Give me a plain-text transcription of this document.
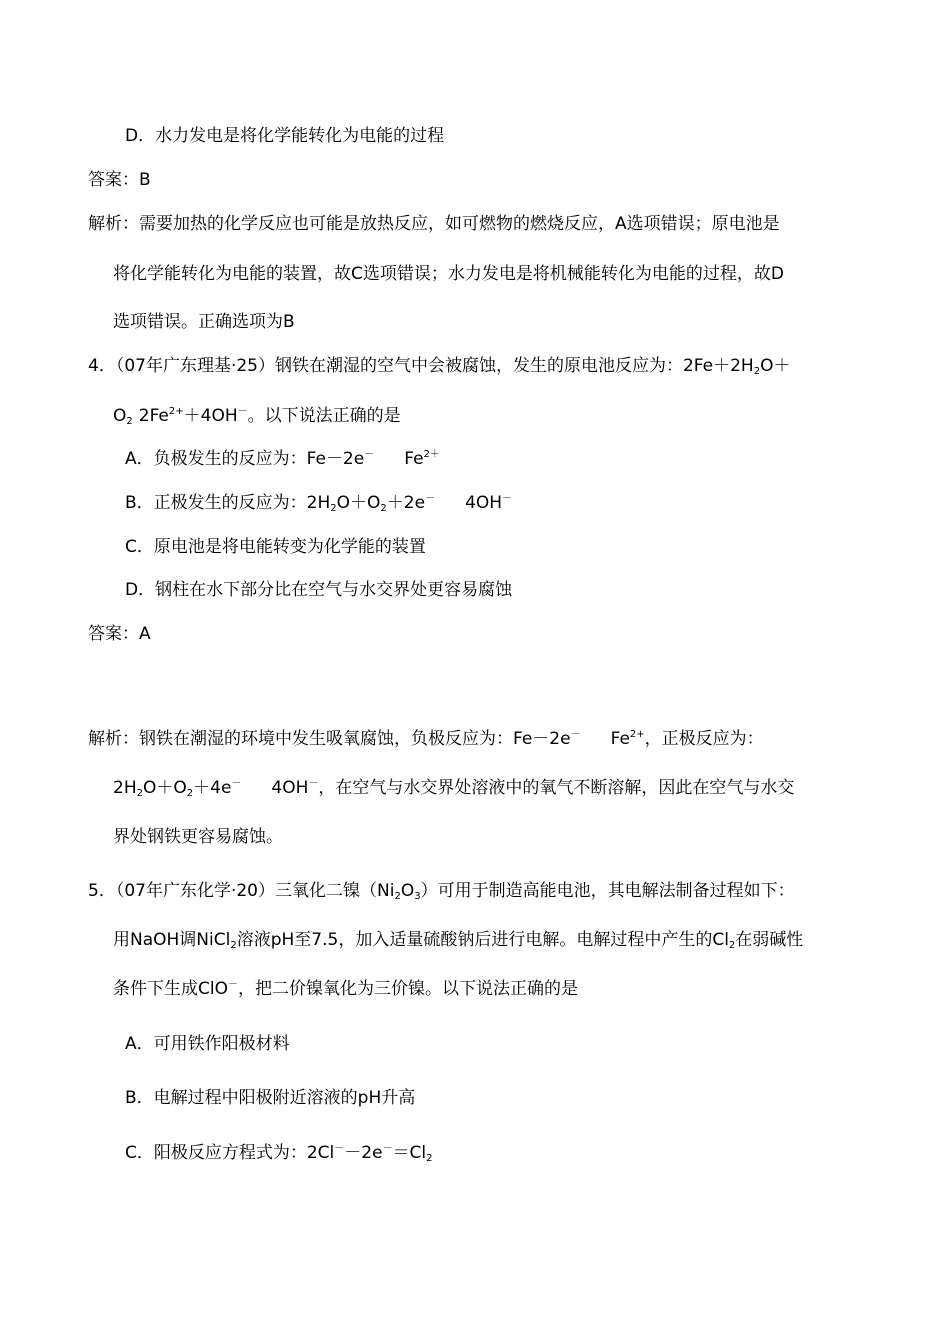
D．水力发电是将化学能转化为电能的过程
答案：B
解析：需要加热的化学反应也可能是放热反应，如可燃物的燃烧反应，A选项错误；原电池是
将化学能转化为电能的装置，故C选项错误；水力发电是将机械能转化为电能的过程，故D
选项错误。正确选项为B
4．（07年广东理基·25）钢铁在潮湿的空气中会被腐蚀，发生的原电池反应为：$2Fe+2H_2O+$
$O_2$ $2Fe^{2+}+4OH^-$。以下说法正确的是
A．负极发生的反应为：Fe－2e－ $Fe^{2+}$
B．正极发生的反应为：$2H_2O+O_2+2e^-$ 4OH－
C．原电池是将电能转变为化学能的装置
D．钢柱在水下部分比在空气与水交界处更容易腐蚀
答案：A
解析：钢铁在潮湿的环境中发生吸氧腐蚀，负极反应为：Fe－2e－ $Fe^{2+}$，正极反应为：
$2H_2O+O_2+4e^-$ 4OH－，在空气与水交界处溶液中的氧气不断溶解，因此在空气与水交
界处钢铁更容易腐蚀。
5．（07年广东化学·20）三氧化二镍$(Ni_2O_3)$可用于制造高能电池，其电解法制备过程如下：
用NaOH调NiCl$_2$溶液pH至7.5，加入适量硫酸钠后进行电解。电解过程中产生的$Cl_2$在弱碱性
条件下生成ClO－，把二价镍氧化为三价镍。以下说法正确的是
A．可用铁作阳极材料
B．电解过程中阳极附近溶液的pH升高
C．阳极反应方程式为：$2Cl^--2e^-=Cl_2$
